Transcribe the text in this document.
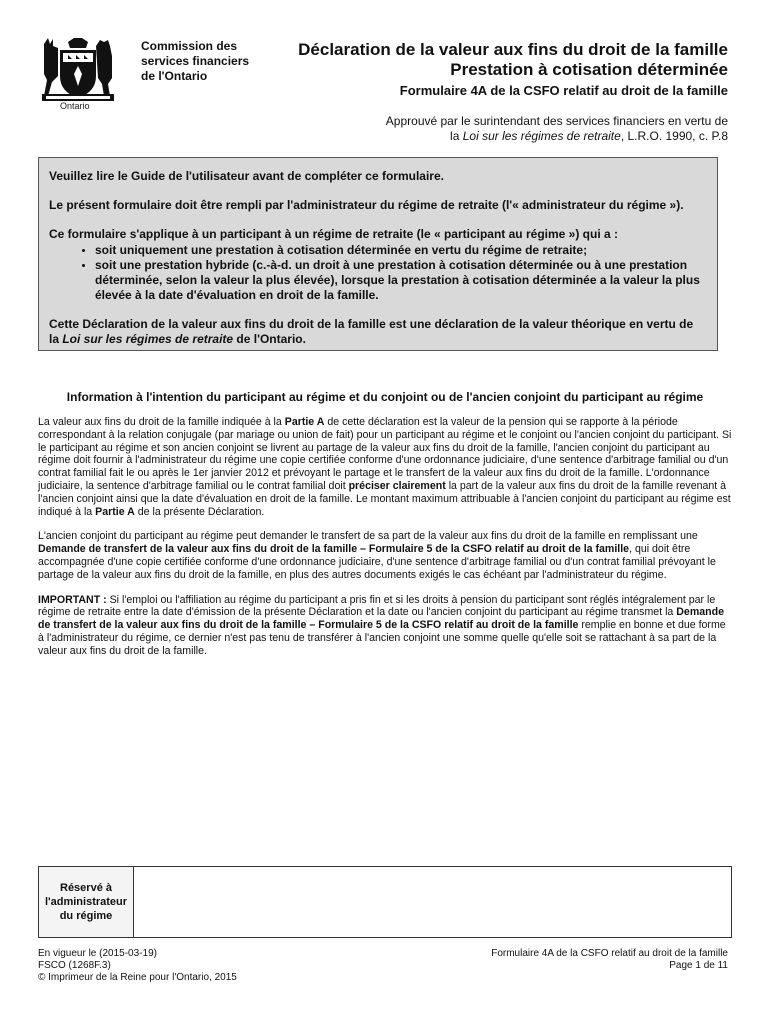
Ontario
Commission des services financiers de l'Ontario
Déclaration de la valeur aux fins du droit de la famille
Prestation à cotisation déterminée
Formulaire 4A de la CSFO relatif au droit de la famille
Approuvé par le surintendant des services financiers en vertu de
la Loi sur les régimes de retraite, L.R.O. 1990, c. P.8

Veuillez lire le Guide de l'utilisateur avant de compléter ce formulaire.

Le présent formulaire doit être rempli par l'administrateur du régime de retraite (l'« administrateur du régime »).

Ce formulaire s'applique à un participant à un régime de retraite (le « participant au régime ») qui a :

• soit uniquement une prestation à cotisation déterminée en vertu du régime de retraite;
• soit une prestation hybride (c.-à-d. un droit à une prestation à cotisation déterminée ou à une prestation déterminée, selon la valeur la plus élevée), lorsque la prestation à cotisation déterminée a la valeur la plus élevée à la date d'évaluation en droit de la famille.

Cette Déclaration de la valeur aux fins du droit de la famille est une déclaration de la valeur théorique en vertu de la Loi sur les régimes de retraite de l'Ontario.

Information à l'intention du participant au régime et du conjoint ou de l'ancien conjoint du participant au régime

La valeur aux fins du droit de la famille indiquée à la Partie A de cette déclaration est la valeur de la pension qui se rapporte à la période correspondant à la relation conjugale (par mariage ou union de fait) pour un participant au régime et le conjoint ou l'ancien conjoint du participant. Si le participant au régime et son ancien conjoint se livrent au partage de la valeur aux fins du droit de la famille, l'ancien conjoint du participant au régime doit fournir à l'administrateur du régime une copie certifiée conforme d'une ordonnance judiciaire, d'une sentence d'arbitrage familial ou d'un contrat familial fait le ou après le 1er janvier 2012 et prévoyant le partage et le transfert de la valeur aux fins du droit de la famille. L'ordonnance judiciaire, la sentence d'arbitrage familial ou le contrat familial doit préciser clairement la part de la valeur aux fins du droit de la famille revenant à l'ancien conjoint ainsi que la date d'évaluation en droit de la famille. Le montant maximum attribuable à l'ancien conjoint du participant au régime est indiqué à la Partie A de la présente Déclaration.

L'ancien conjoint du participant au régime peut demander le transfert de sa part de la valeur aux fins du droit de la famille en remplissant une Demande de transfert de la valeur aux fins du droit de la famille – Formulaire 5 de la CSFO relatif au droit de la famille, qui doit être accompagnée d'une copie certifiée conforme d'une ordonnance judiciaire, d'une sentence d'arbitrage familial ou d'un contrat familial prévoyant le partage de la valeur aux fins du droit de la famille, en plus des autres documents exigés le cas échéant par l'administrateur du régime.

IMPORTANT : Si l'emploi ou l'affiliation au régime du participant a pris fin et si les droits à pension du participant sont réglés intégralement par le régime de retraite entre la date d'émission de la présente Déclaration et la date ou l'ancien conjoint du participant au régime transmet la Demande de transfert de la valeur aux fins du droit de la famille – Formulaire 5 de la CSFO relatif au droit de la famille remplie en bonne et due forme à l'administrateur du régime, ce dernier n'est pas tenu de transférer à l'ancien conjoint une somme quelle qu'elle soit se rattachant à sa part de la valeur aux fins du droit de la famille.

Réservé à l'administrateur du régime
En vigueur le (2015-03-19)
FSCO (1268F.3)
© Imprimeur de la Reine pour l'Ontario, 2015
Formulaire 4A de la CSFO relatif au droit de la famille
Page 1 de 11
